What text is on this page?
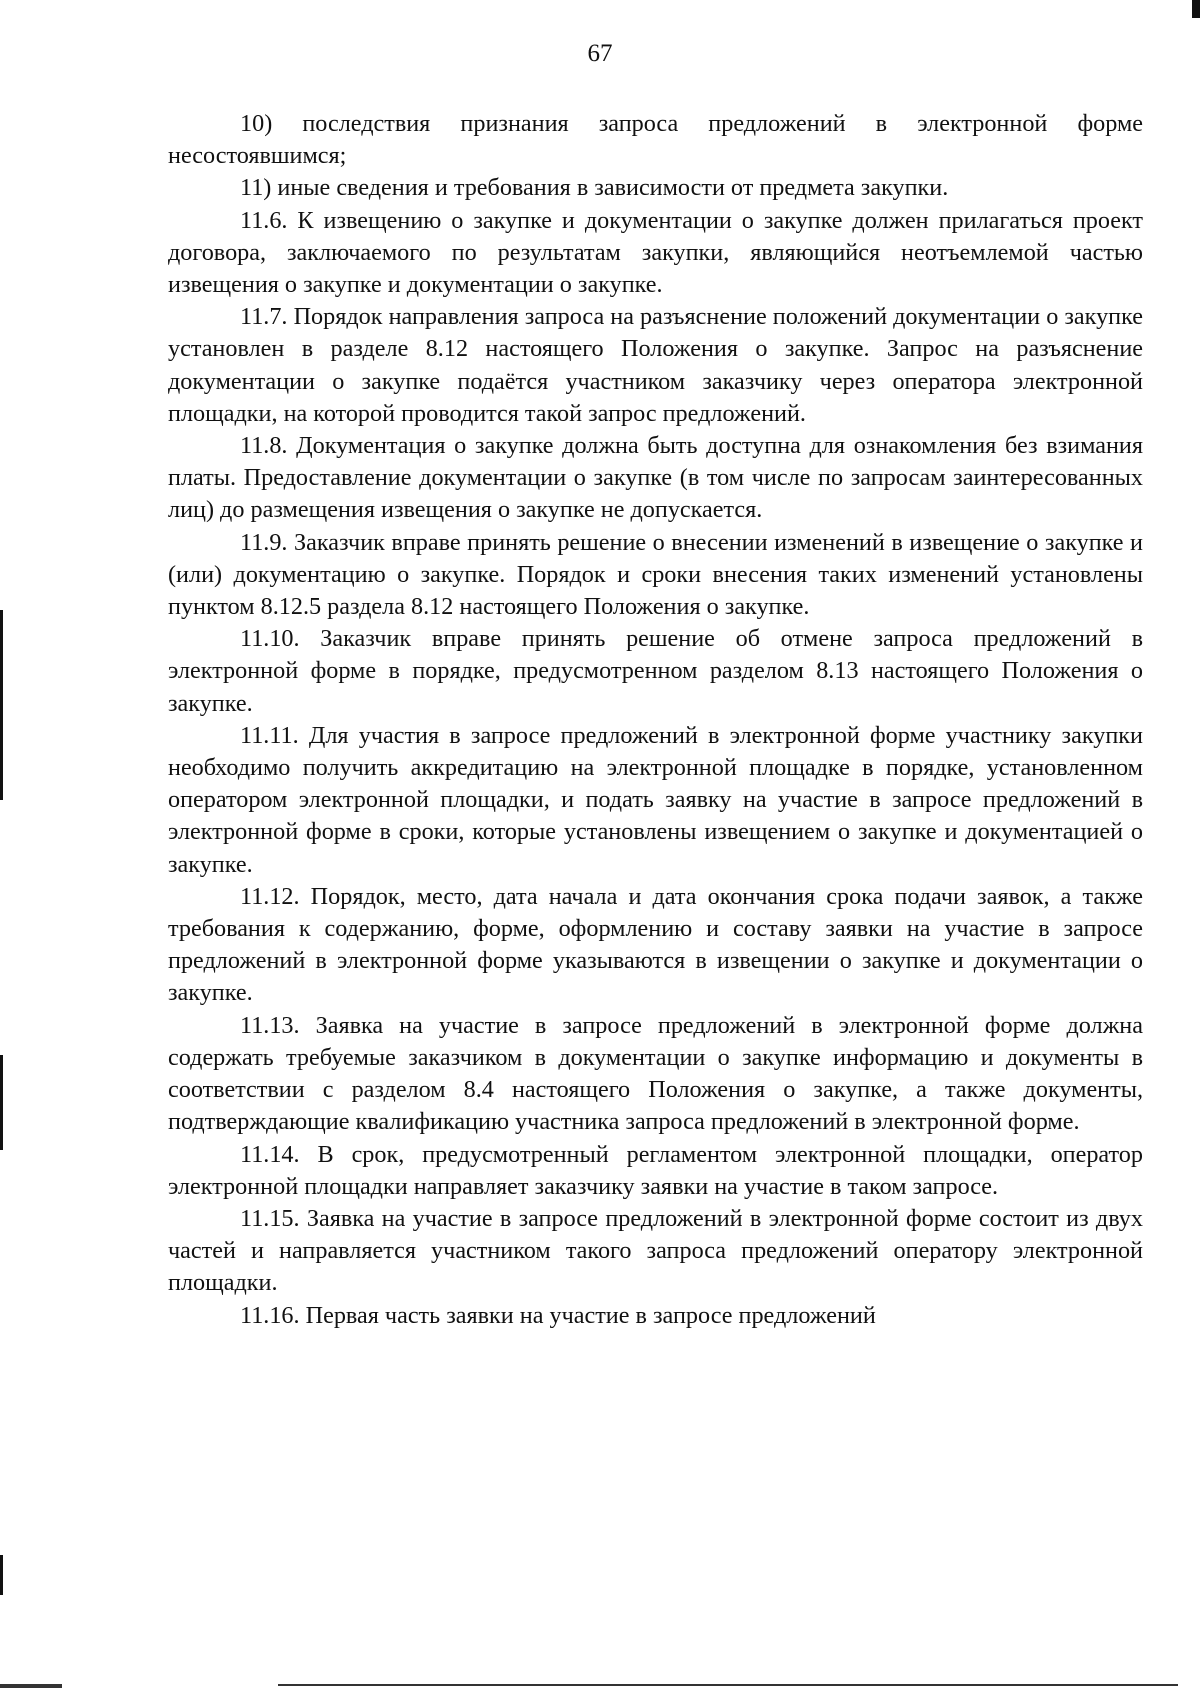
67

10) последствия признания запроса предложений в электронной форме несостоявшимся;

11) иные сведения и требования в зависимости от предмета закупки.

11.6. К извещению о закупке и документации о закупке должен прилагаться проект договора, заключаемого по результатам закупки, являющийся неотъемлемой частью извещения о закупке и документации о закупке.

11.7. Порядок направления запроса на разъяснение положений документации о закупке установлен в разделе 8.12 настоящего Положения о закупке. Запрос на разъяснение документации о закупке подаётся участником заказчику через оператора электронной площадки, на которой проводится такой запрос предложений.

11.8. Документация о закупке должна быть доступна для ознакомления без взимания платы. Предоставление документации о закупке (в том числе по запросам заинтересованных лиц) до размещения извещения о закупке не допускается.

11.9. Заказчик вправе принять решение о внесении изменений в извещение о закупке и (или) документацию о закупке. Порядок и сроки внесения таких изменений установлены пунктом 8.12.5 раздела 8.12 настоящего Положения о закупке.

11.10. Заказчик вправе принять решение об отмене запроса предложений в электронной форме в порядке, предусмотренном разделом 8.13 настоящего Положения о закупке.

11.11. Для участия в запросе предложений в электронной форме участнику закупки необходимо получить аккредитацию на электронной площадке в порядке, установленном оператором электронной площадки, и подать заявку на участие в запросе предложений в электронной форме в сроки, которые установлены извещением о закупке и документацией о закупке.

11.12. Порядок, место, дата начала и дата окончания срока подачи заявок, а также требования к содержанию, форме, оформлению и составу заявки на участие в запросе предложений в электронной форме указываются в извещении о закупке и документации о закупке.

11.13. Заявка на участие в запросе предложений в электронной форме должна содержать требуемые заказчиком в документации о закупке информацию и документы в соответствии с разделом 8.4 настоящего Положения о закупке, а также документы, подтверждающие квалификацию участника запроса предложений в электронной форме.

11.14. В срок, предусмотренный регламентом электронной площадки, оператор электронной площадки направляет заказчику заявки на участие в таком запросе.

11.15. Заявка на участие в запросе предложений в электронной форме состоит из двух частей и направляется участником такого запроса предложений оператору электронной площадки.

11.16. Первая часть заявки на участие в запросе предложений
